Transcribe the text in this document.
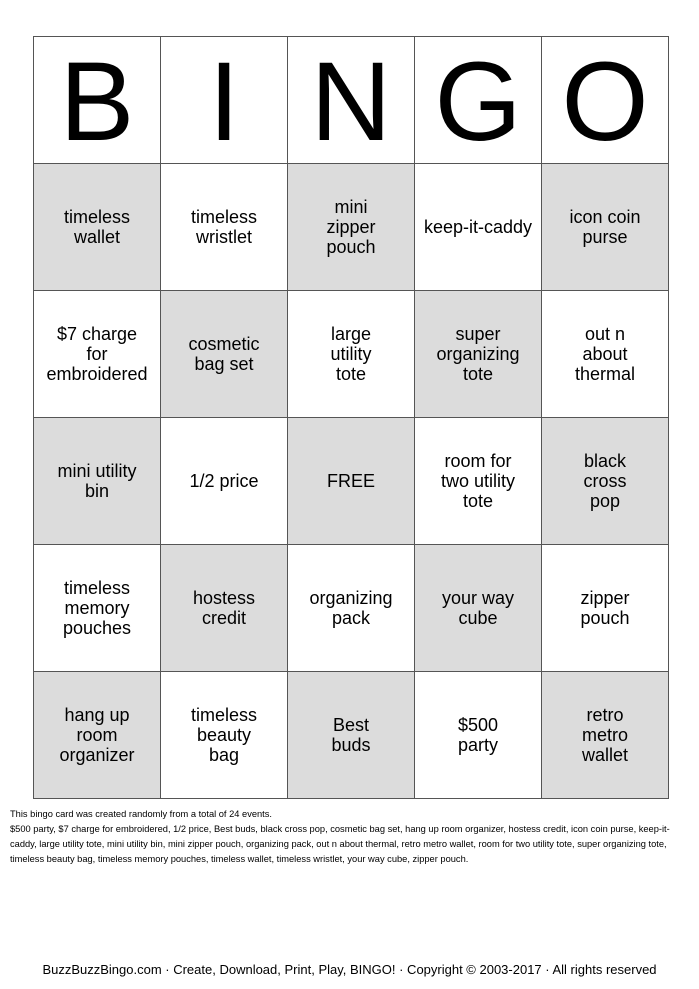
B I N G O
timeless
wallet
timeless
wristlet
mini
zipper
pouch
keep-it-caddy icon coin
purse
$7 charge
for
embroidered
cosmetic
bag set
large
utility
tote
super
organizing
tote
out n
about
thermal
mini utility
bin	1/2 price	FREE
room for
two utility
tote
black
cross
pop
timeless
memory
pouches
hostess
credit
organizing
pack
your way
cube
zipper
pouch
hang up
room
organizer
timeless
beauty
bag
Best
buds
$500
party
retro
metro
wallet

This bingo card was created randomly from a total of 24 events.

$500 party, $7 charge for embroidered, 1/2 price, Best buds, black cross pop, cosmetic bag set, hang up room organizer, hostess credit, icon coin purse, keep-it-caddy, large utility tote, mini utility bin, mini zipper pouch, organizing pack, out n about thermal, retro metro wallet, room for two utility tote, super organizing tote, timeless beauty bag, timeless memory pouches, timeless wallet, timeless wristlet, your way cube, zipper pouch.

BuzzBuzzBingo.com · Create, Download, Print, Play, BINGO! · Copyright © 2003-2017 · All rights reserved
